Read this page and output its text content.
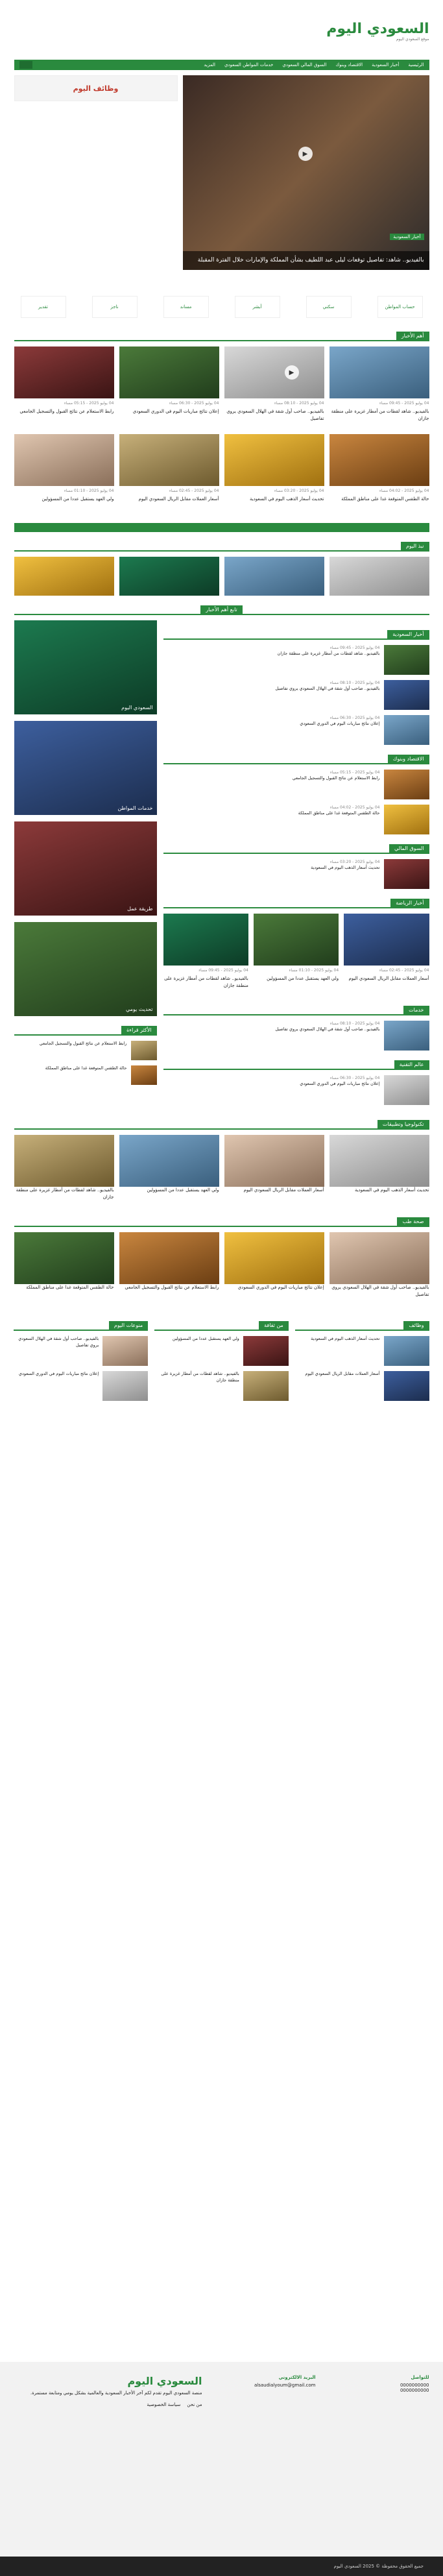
السعودي اليوم
موقع السعودي اليوم
الرئيسية
أخبار السعودية
الاقتصاد وبنوك
السوق المالي السعودي
خدمات المواطن السعودي
المزيد
▶
أخبار السعودية
بالفيديو.. شاهد: تفاصيل توقعات ليلى عبد اللطيف بشأن المملكة والإمارات خلال الفترة المقبلة
وظائف اليوم
حساب المواطن
سكني
أبشر
مساند
ناجز
تقدير
أهم الأخبار
04 يوليو 2025 - 09:45 مساء
بالفيديو.. شاهد لقطات من أمطار غزيرة على منطقة جازان
▶
04 يوليو 2025 - 08:10 مساء
بالفيديو.. صاحب أول شقة في الهلال السعودي يروي تفاصيل
04 يوليو 2025 - 06:30 مساء
إعلان نتائج مباريات اليوم في الدوري السعودي
04 يوليو 2025 - 05:15 مساء
رابط الاستعلام عن نتائج القبول والتسجيل الجامعي
04 يوليو 2025 - 04:02 مساء
حالة الطقس المتوقعة غدا على مناطق المملكة
04 يوليو 2025 - 03:20 مساء
تحديث أسعار الذهب اليوم في السعودية
04 يوليو 2025 - 02:45 مساء
أسعار العملات مقابل الريال السعودي اليوم
04 يوليو 2025 - 01:10 مساء
ولي العهد يستقبل عددا من المسؤولين
نبذ اليوم
تابع أهم الأخبار
أخبار السعودية
04 يوليو 2025 - 09:45 مساء
بالفيديو.. شاهد لقطات من أمطار غزيرة على منطقة جازان
04 يوليو 2025 - 08:10 مساء
بالفيديو.. صاحب أول شقة في الهلال السعودي يروي تفاصيل
04 يوليو 2025 - 06:30 مساء
إعلان نتائج مباريات اليوم في الدوري السعودي
الاقتصاد وبنوك
04 يوليو 2025 - 05:15 مساء
رابط الاستعلام عن نتائج القبول والتسجيل الجامعي
04 يوليو 2025 - 04:02 مساء
حالة الطقس المتوقعة غدا على مناطق المملكة
السوق المالي
04 يوليو 2025 - 03:20 مساء
تحديث أسعار الذهب اليوم في السعودية
أخبار الرياضة
04 يوليو 2025 - 02:45 مساء
أسعار العملات مقابل الريال السعودي اليوم
04 يوليو 2025 - 01:10 مساء
ولي العهد يستقبل عددا من المسؤولين
04 يوليو 2025 - 09:45 مساء
بالفيديو.. شاهد لقطات من أمطار غزيرة على منطقة جازان
خدمات
04 يوليو 2025 - 08:10 مساء
بالفيديو.. صاحب أول شقة في الهلال السعودي يروي تفاصيل
عالم التقنية
04 يوليو 2025 - 06:30 مساء
إعلان نتائج مباريات اليوم في الدوري السعودي
السعودي اليوم
خدمات المواطن
طريقة عمل
تحديث يومي
الأكثر قراءة
رابط الاستعلام عن نتائج القبول والتسجيل الجامعي
حالة الطقس المتوقعة غدا على مناطق المملكة
تكنولوجيا وتطبيقات
تحديث أسعار الذهب اليوم في السعودية
أسعار العملات مقابل الريال السعودي اليوم
ولي العهد يستقبل عددا من المسؤولين
بالفيديو.. شاهد لقطات من أمطار غزيرة على منطقة جازان
صحة طب
بالفيديو.. صاحب أول شقة في الهلال السعودي يروي تفاصيل
إعلان نتائج مباريات اليوم في الدوري السعودي
رابط الاستعلام عن نتائج القبول والتسجيل الجامعي
حالة الطقس المتوقعة غدا على مناطق المملكة
وظائف
تحديث أسعار الذهب اليوم في السعودية
أسعار العملات مقابل الريال السعودي اليوم
من ثقافة
ولي العهد يستقبل عددا من المسؤولين
بالفيديو.. شاهد لقطات من أمطار غزيرة على منطقة جازان
منوعات اليوم
بالفيديو.. صاحب أول شقة في الهلال السعودي يروي تفاصيل
إعلان نتائج مباريات اليوم في الدوري السعودي
للتواصل
0000000000
0000000000
البريد الالكتروني
alsaudialyoum@gmail.com
السعودي اليوم
منصة السعودي اليوم تقدم لكم آخر الأخبار السعودية والعالمية بشكل يومي ومتابعة مستمرة.
من نحن
سياسة الخصوصية
جميع الحقوق محفوظة © 2025 السعودي اليوم
